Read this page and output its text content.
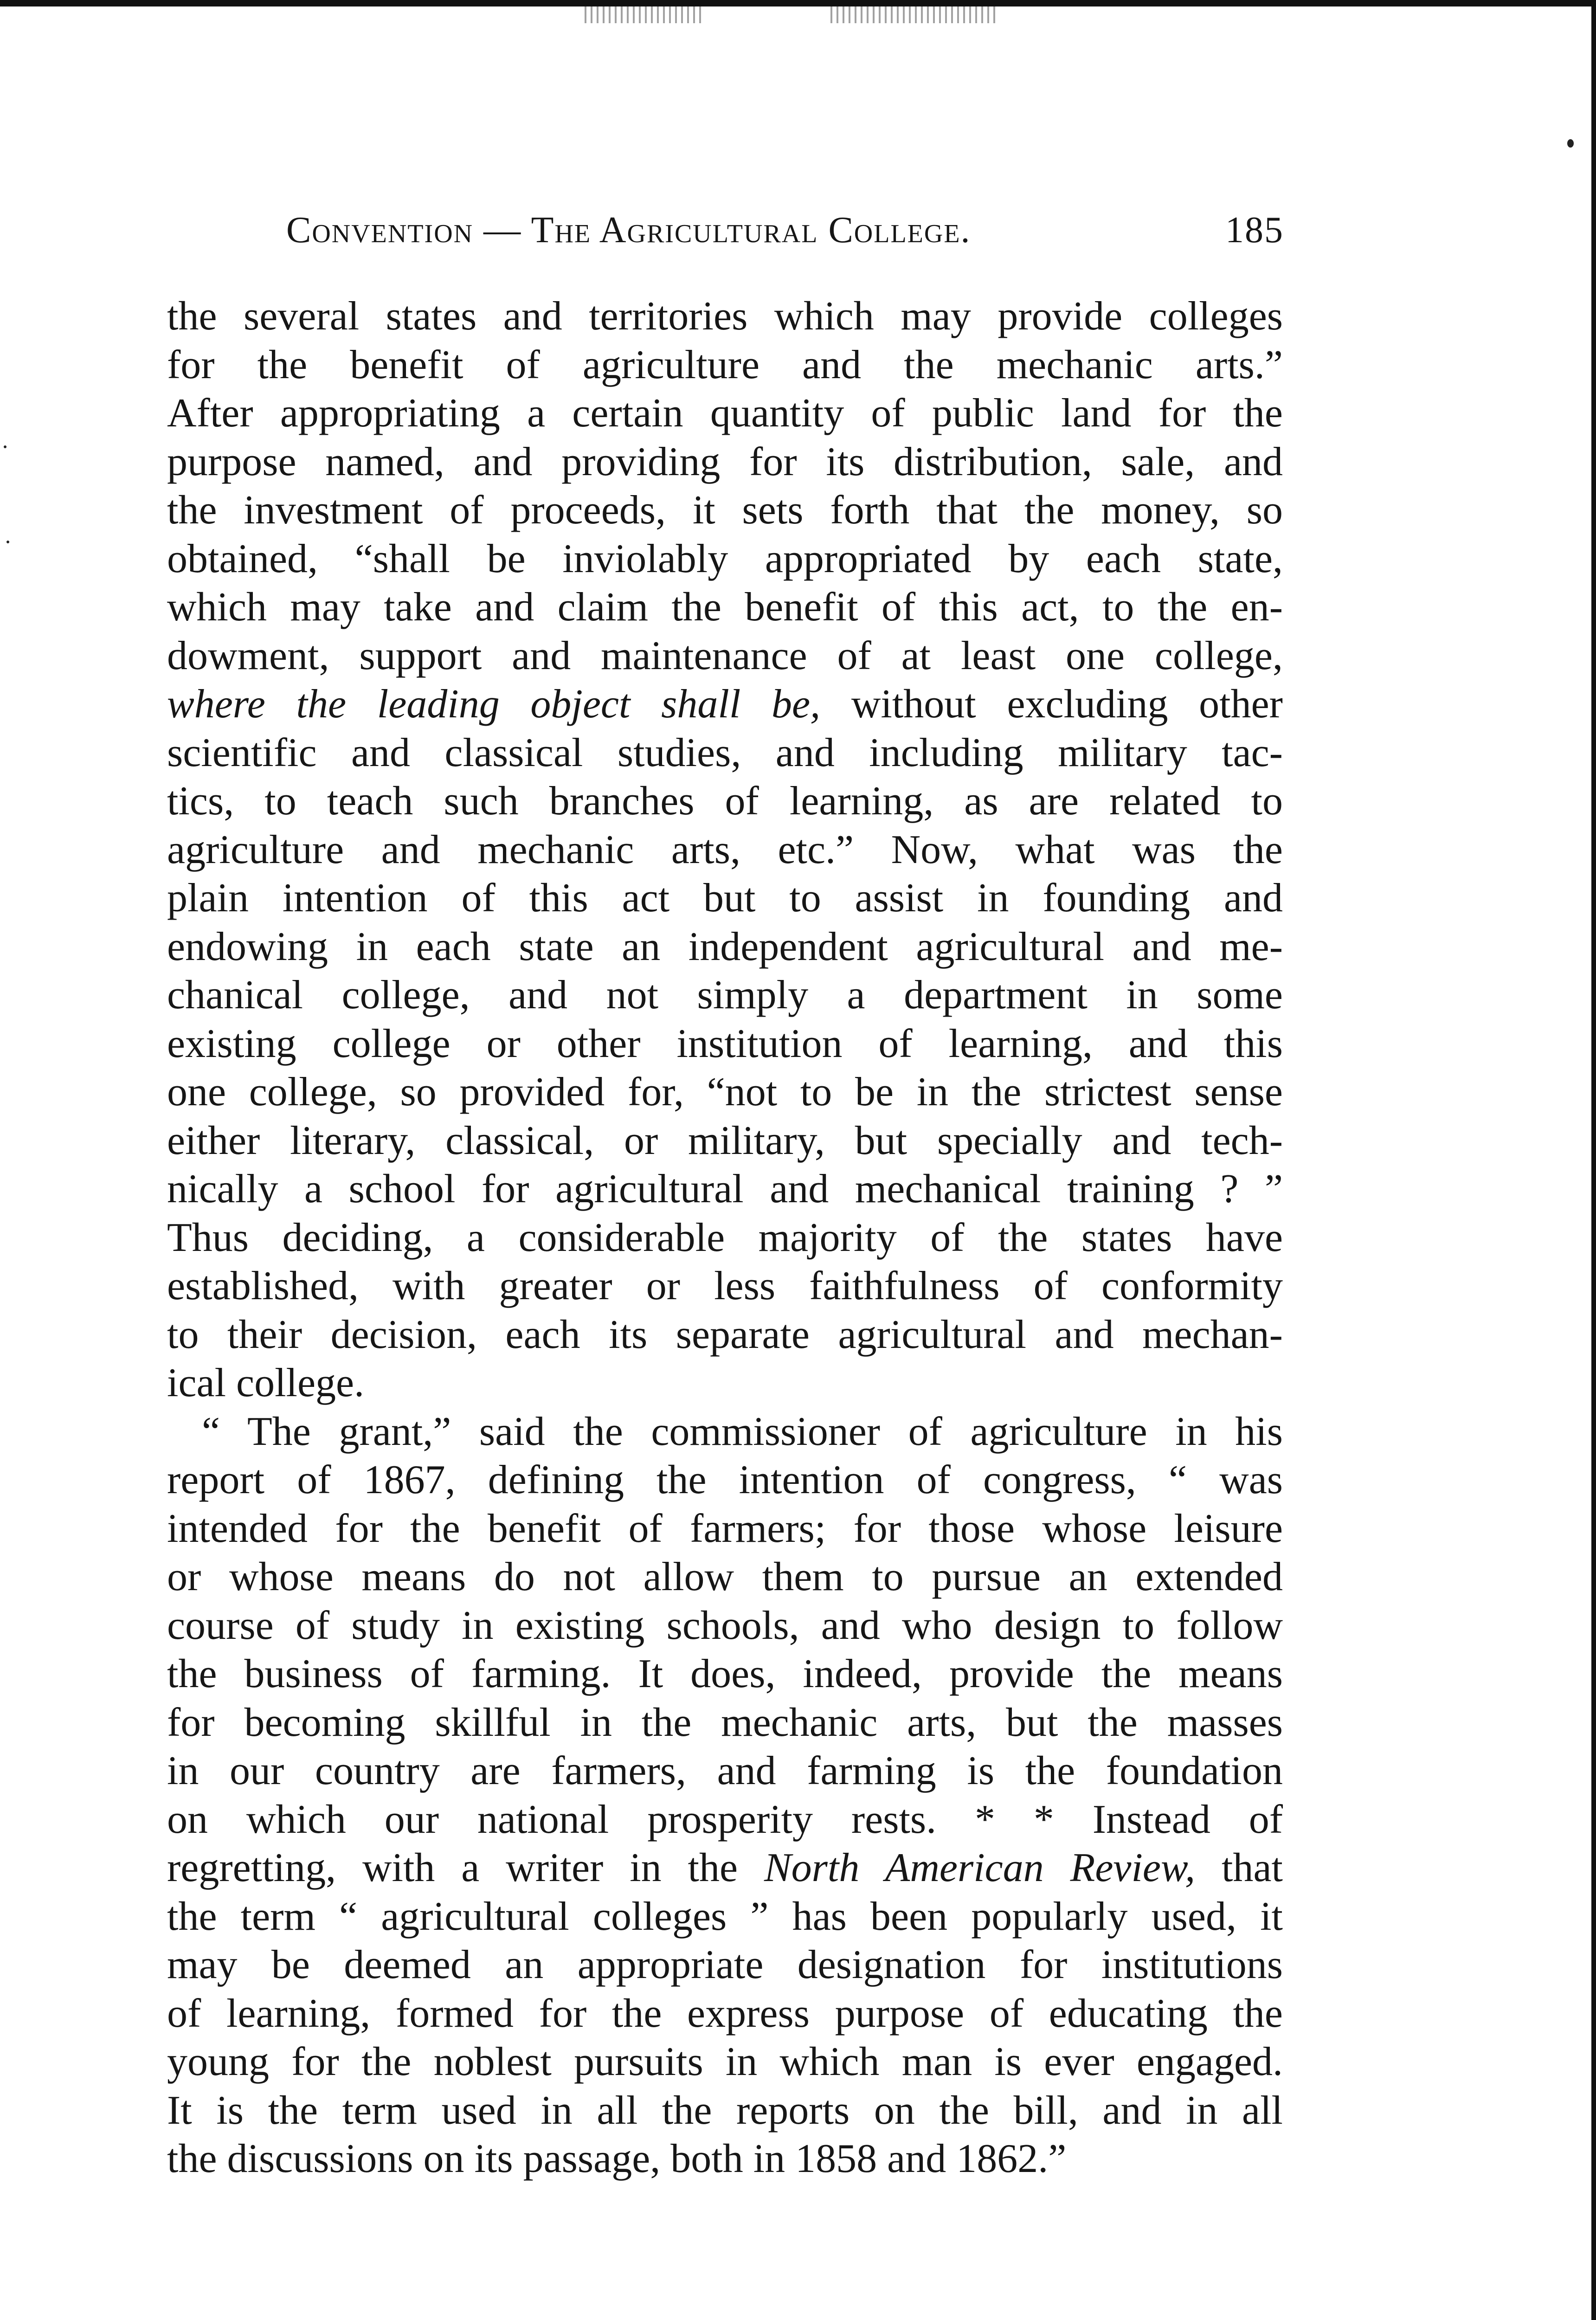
Convention — The Agricultural College.	185
the several states and territories which may provide colleges
for the benefit of agriculture and the mechanic arts.”
After appropriating a certain quantity of public land for the
purpose named, and providing for its distribution, sale, and
the investment of proceeds, it sets forth that the money, so
obtained, “shall be inviolably appropriated by each state,
which may take and claim the benefit of this act, to the en-
dowment, support and maintenance of at least one college,
where the leading object shall be, without excluding other
scientific and classical studies, and including military tac-
tics, to teach such branches of learning, as are related to
agriculture and mechanic arts, etc.” Now, what was the
plain intention of this act but to assist in founding and
endowing in each state an independent agricultural and me-
chanical college, and not simply a department in some
existing college or other institution of learning, and this
one college, so provided for, “not to be in the strictest sense
either literary, classical, or military, but specially and tech-
nically a school for agricultural and mechanical training ? ”
Thus deciding, a considerable majority of the states have
established, with greater or less faithfulness of conformity
to their decision, each its separate agricultural and mechan-
ical college.
“ The grant,” said the commissioner of agriculture in his
report of 1867, defining the intention of congress, “ was
intended for the benefit of farmers; for those whose leisure
or whose means do not allow them to pursue an extended
course of study in existing schools, and who design to follow
the business of farming. It does, indeed, provide the means
for becoming skillful in the mechanic arts, but the masses
in our country are farmers, and farming is the foundation
on which our national prosperity rests. * * Instead of
regretting, with a writer in the North American Review, that
the term “ agricultural colleges ” has been popularly used, it
may be deemed an appropriate designation for institutions
of learning, formed for the express purpose of educating the
young for the noblest pursuits in which man is ever engaged.
It is the term used in all the reports on the bill, and in all
the discussions on its passage, both in 1858 and 1862.”
